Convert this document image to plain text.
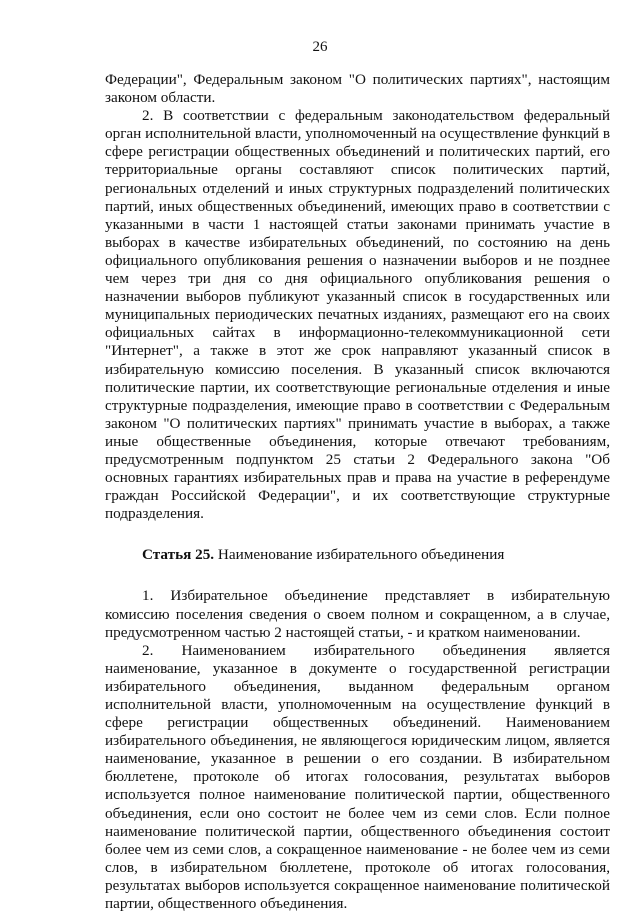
26

Федерации", Федеральным законом "О политических партиях", настоящим законом области.

2. В соответствии с федеральным законодательством федеральный орган исполнительной власти, уполномоченный на осуществление функций в сфере регистрации общественных объединений и политических партий, его территориальные органы составляют список политических партий, региональных отделений и иных структурных подразделений политических партий, иных общественных объединений, имеющих право в соответствии с указанными в части 1 настоящей статьи законами принимать участие в выборах в качестве избирательных объединений, по состоянию на день официального опубликования решения о назначении выборов и не позднее чем через три дня со дня официального опубликования решения о назначении выборов публикуют указанный список в государственных или муниципальных периодических печатных изданиях, размещают его на своих официальных сайтах в информационно-телекоммуникационной сети "Интернет", а также в этот же срок направляют указанный список в избирательную комиссию поселения. В указанный список включаются политические партии, их соответствующие региональные отделения и иные структурные подразделения, имеющие право в соответствии с Федеральным законом "О политических партиях" принимать участие в выборах, а также иные общественные объединения, которые отвечают требованиям, предусмотренным подпунктом 25 статьи 2 Федерального закона "Об основных гарантиях избирательных прав и права на участие в референдуме граждан Российской Федерации", и их соответствующие структурные подразделения.

Статья 25. Наименование избирательного объединения

1. Избирательное объединение представляет в избирательную комиссию поселения сведения о своем полном и сокращенном, а в случае, предусмотренном частью 2 настоящей статьи, - и кратком наименовании.

2. Наименованием избирательного объединения является наименование, указанное в документе о государственной регистрации избирательного объединения, выданном федеральным органом исполнительной власти, уполномоченным на осуществление функций в сфере регистрации общественных объединений. Наименованием избирательного объединения, не являющегося юридическим лицом, является наименование, указанное в решении о его создании. В избирательном бюллетене, протоколе об итогах голосования, результатах выборов используется полное наименование политической партии, общественного объединения, если оно состоит не более чем из семи слов. Если полное наименование политической партии, общественного объединения состоит более чем из семи слов, а сокращенное наименование - не более чем из семи слов, в избирательном бюллетене, протоколе об итогах голосования, результатах выборов используется сокращенное наименование политической партии, общественного объединения.
